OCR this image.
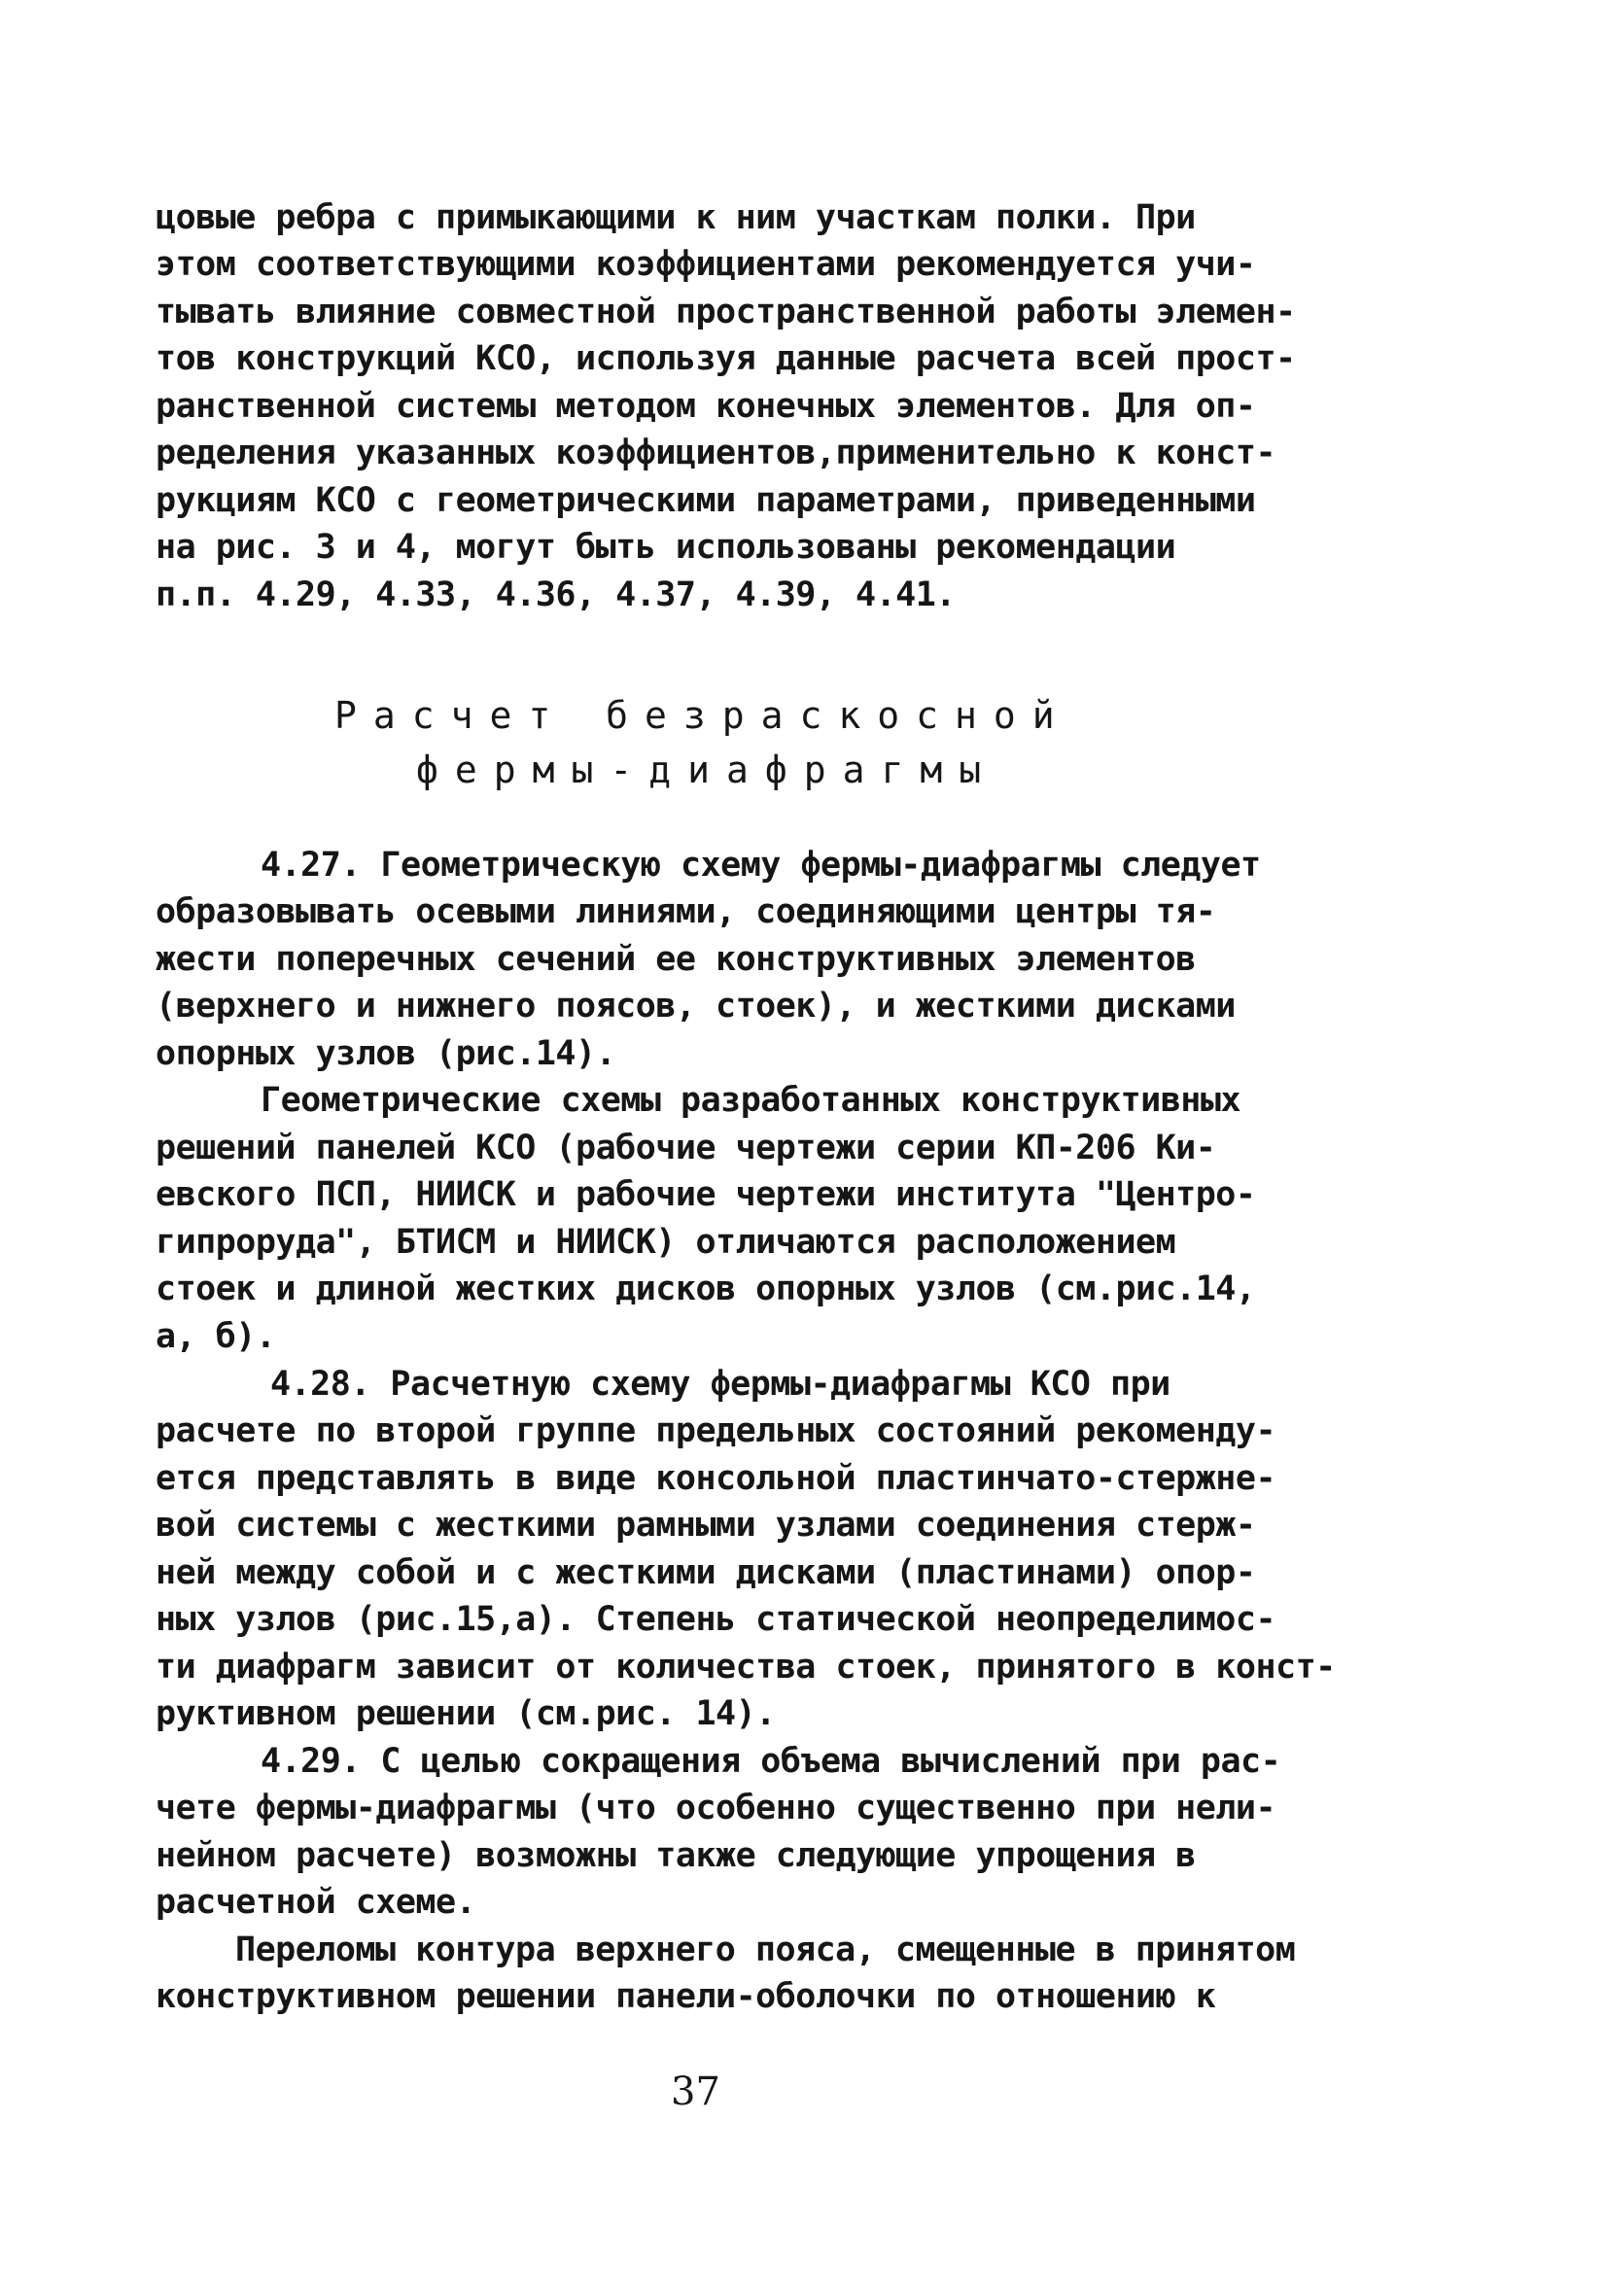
цовые ребра с примыкающими к ним участкам полки. При
этом соответствующими коэффициентами рекомендуется учи-
тывать влияние совместной пространственной работы элемен-
тов конструкций КСО, используя данные расчета всей прост-
ранственной системы методом конечных элементов. Для оп-
ределения указанных коэффициентов,применительно к конст-
рукциям КСО с геометрическими параметрами, приведенными
на рис. 3 и 4, могут быть использованы рекомендации
п.п. 4.29, 4.33, 4.36, 4.37, 4.39, 4.41.
Расчет безраскосной
фермы-диафрагмы
4.27. Геометрическую схему фермы-диафрагмы следует
образовывать осевыми линиями, соединяющими центры тя-
жести поперечных сечений ее конструктивных элементов
(верхнего и нижнего поясов, стоек), и жесткими дисками
опорных узлов (рис.14).
Геометрические схемы разработанных конструктивных
решений панелей КСО (рабочие чертежи серии КП-206 Ки-
евского ПСП, НИИСК и рабочие чертежи института "Центро-
гипроруда", БТИСМ и НИИСК) отличаются расположением
стоек и длиной жестких дисков опорных узлов (см.рис.14,
а, б).
4.28. Расчетную схему фермы-диафрагмы КСО при
расчете по второй группе предельных состояний рекоменду-
ется представлять в виде консольной пластинчато-стержне-
вой системы с жесткими рамными узлами соединения стерж-
ней между собой и с жесткими дисками (пластинами) опор-
ных узлов (рис.15,а). Степень статической неопределимос-
ти диафрагм зависит от количества стоек, принятого в конст-
руктивном решении (см.рис. 14).
4.29. С целью сокращения объема вычислений при рас-
чете фермы-диафрагмы (что особенно существенно при нели-
нейном расчете) возможны также следующие упрощения в
расчетной схеме.
Переломы контура верхнего пояса, смещенные в принятом
конструктивном решении панели-оболочки по отношению к
37
